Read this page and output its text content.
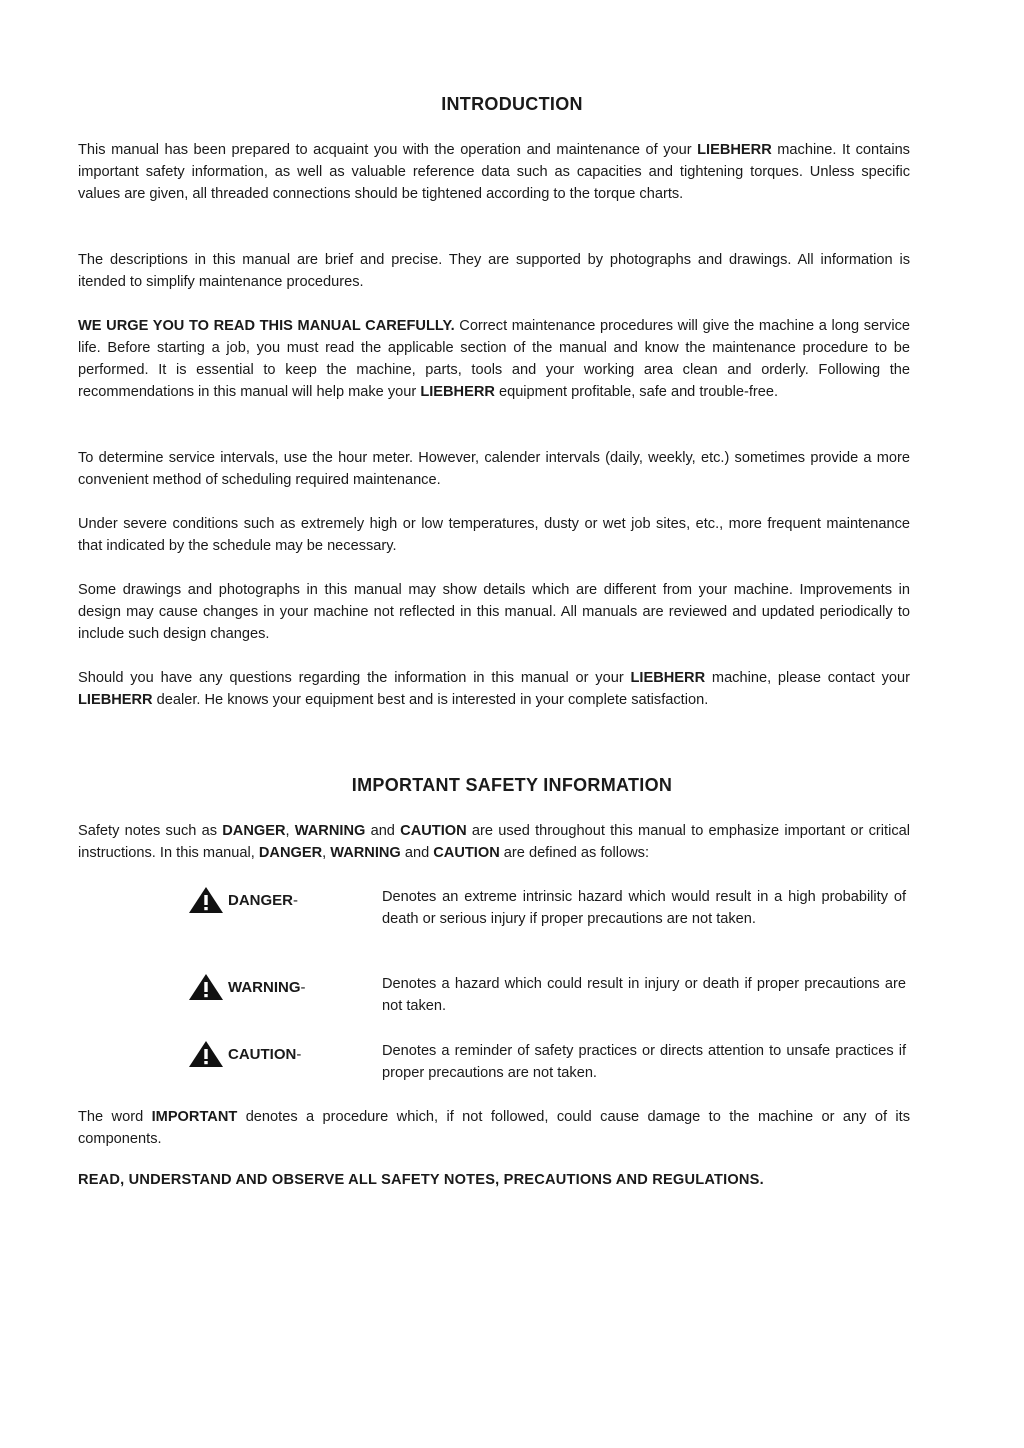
INTRODUCTION

This manual has been prepared to acquaint you with the operation and maintenance of your LIEBHERR machine. It contains important safety information, as well as valuable reference data such as capacities and tightening torques. Unless specific values are given, all threaded connections should be tightened according to the torque charts.

The descriptions in this manual are brief and precise. They are supported by photographs and drawings. All information is itended to simplify maintenance procedures.

WE URGE YOU TO READ THIS MANUAL CAREFULLY. Correct maintenance procedures will give the machine a long service life. Before starting a job, you must read the applicable section of the manual and know the maintenance procedure to be performed. It is essential to keep the machine, parts, tools and your working area clean and orderly. Following the recommendations in this manual will help make your LIEBHERR equipment profitable, safe and trouble-free.

To determine service intervals, use the hour meter. However, calender intervals (daily, weekly, etc.) sometimes provide a more convenient method of scheduling required maintenance.

Under severe conditions such as extremely high or low temperatures, dusty or wet job sites, etc., more frequent maintenance that indicated by the schedule may be necessary.

Some drawings and photographs in this manual may show details which are different from your machine. Improvements in design may cause changes in your machine not reflected in this manual. All manuals are reviewed and updated periodically to include such design changes.

Should you have any questions regarding the information in this manual or your LIEBHERR machine, please contact your LIEBHERR dealer. He knows your equipment best and is interested in your complete satisfaction.

IMPORTANT SAFETY INFORMATION

Safety notes such as DANGER, WARNING and CAUTION are used throughout this manual to emphasize important or critical instructions. In this manual, DANGER, WARNING and CAUTION are defined as follows:

DANGER -	Denotes an extreme intrinsic hazard which would result in a high probability of death or serious injury if proper precautions are not taken.
WARNING -	Denotes a hazard which could result in injury or death if proper precautions are not taken.
CAUTION -	Denotes a reminder of safety practices or directs attention to unsafe practices if proper precautions are not taken.

The word IMPORTANT denotes a procedure which, if not followed, could cause damage to the machine or any of its components.

READ, UNDERSTAND AND OBSERVE ALL SAFETY NOTES, PRECAUTIONS AND REGULATIONS.
